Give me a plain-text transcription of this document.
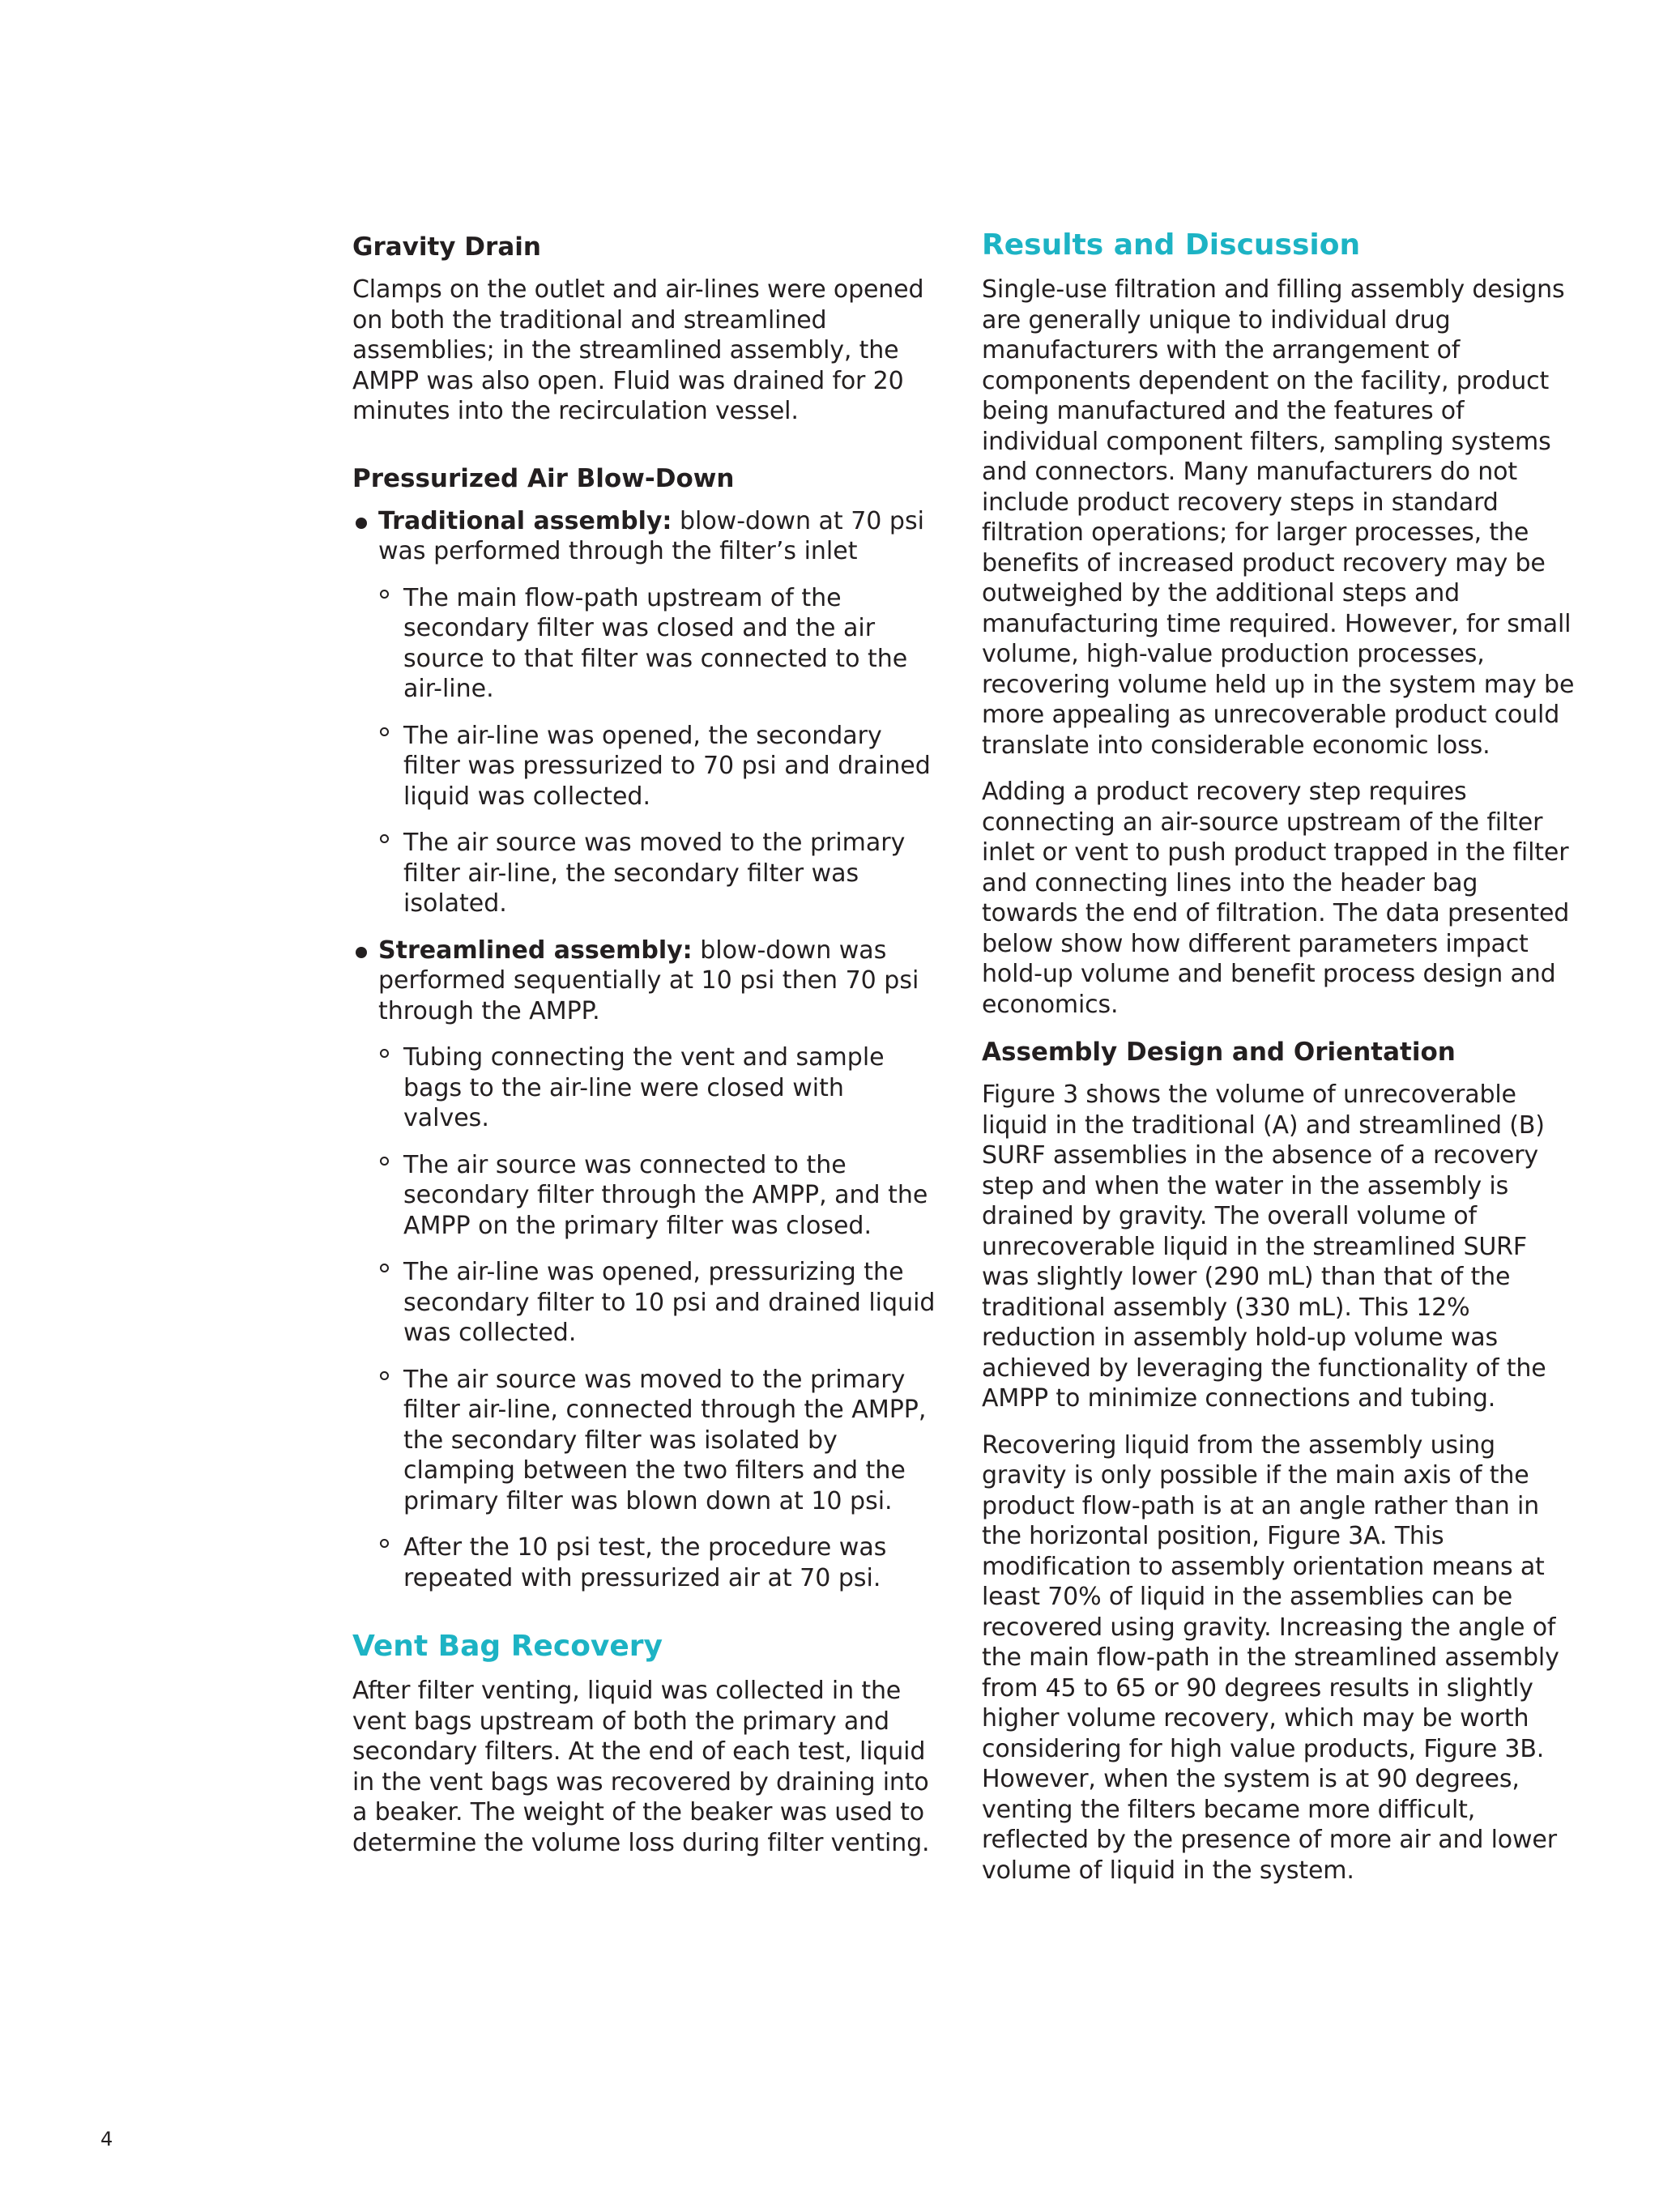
Gravity Drain

Clamps on the outlet and air-lines were opened on both the traditional and streamlined assemblies; in the streamlined assembly, the AMPP was also open. Fluid was drained for 20 minutes into the recirculation vessel.

Pressurized Air Blow-Down
Traditional assembly: blow-down at 70 psi was performed through the filter’s inlet
The main flow-path upstream of the secondary filter was closed and the air source to that filter was connected to the air-line.
The air-line was opened, the secondary filter was pressurized to 70 psi and drained liquid was collected.
The air source was moved to the primary filter air-line, the secondary filter was isolated.
Streamlined assembly: blow-down was performed sequentially at 10 psi then 70 psi through the AMPP.
Tubing connecting the vent and sample bags to the air-line were closed with valves.
The air source was connected to the secondary filter through the AMPP, and the AMPP on the primary filter was closed.
The air-line was opened, pressurizing the secondary filter to 10 psi and drained liquid was collected.
The air source was moved to the primary filter air-line, connected through the AMPP, the secondary filter was isolated by clamping between the two filters and the primary filter was blown down at 10 psi.
After the 10 psi test, the procedure was repeated with pressurized air at 70 psi.
Vent Bag Recovery

After filter venting, liquid was collected in the vent bags upstream of both the primary and secondary filters. At the end of each test, liquid in the vent bags was recovered by draining into a beaker. The weight of the beaker was used to determine the volume loss during filter venting.

Results and Discussion

Single-use filtration and filling assembly designs are generally unique to individual drug manufacturers with the arrangement of components dependent on the facility, product being manufactured and the features of individual component filters, sampling systems and connectors. Many manufacturers do not include product recovery steps in standard filtration operations; for larger processes, the benefits of increased product recovery may be outweighed by the additional steps and manufacturing time required. However, for small volume, high-value production processes, recovering volume held up in the system may be more appealing as unrecoverable product could translate into considerable economic loss.

Adding a product recovery step requires connecting an air-source upstream of the filter inlet or vent to push product trapped in the filter and connecting lines into the header bag towards the end of filtration. The data presented below show how different parameters impact hold-up volume and benefit process design and economics.

Assembly Design and Orientation

Figure 3 shows the volume of unrecoverable liquid in the traditional (A) and streamlined (B) SURF assemblies in the absence of a recovery step and when the water in the assembly is drained by gravity. The overall volume of unrecoverable liquid in the streamlined SURF was slightly lower (290 mL) than that of the traditional assembly (330 mL). This 12% reduction in assembly hold-up volume was achieved by leveraging the functionality of the AMPP to minimize connections and tubing.

Recovering liquid from the assembly using gravity is only possible if the main axis of the product flow-path is at an angle rather than in the horizontal position, Figure 3A. This modification to assembly orientation means at least 70% of liquid in the assemblies can be recovered using gravity. Increasing the angle of the main flow-path in the streamlined assembly from 45 to 65 or 90 degrees results in slightly higher volume recovery, which may be worth considering for high value products, Figure 3B. However, when the system is at 90 degrees, venting the filters became more difficult, reflected by the presence of more air and lower volume of liquid in the system.

4
